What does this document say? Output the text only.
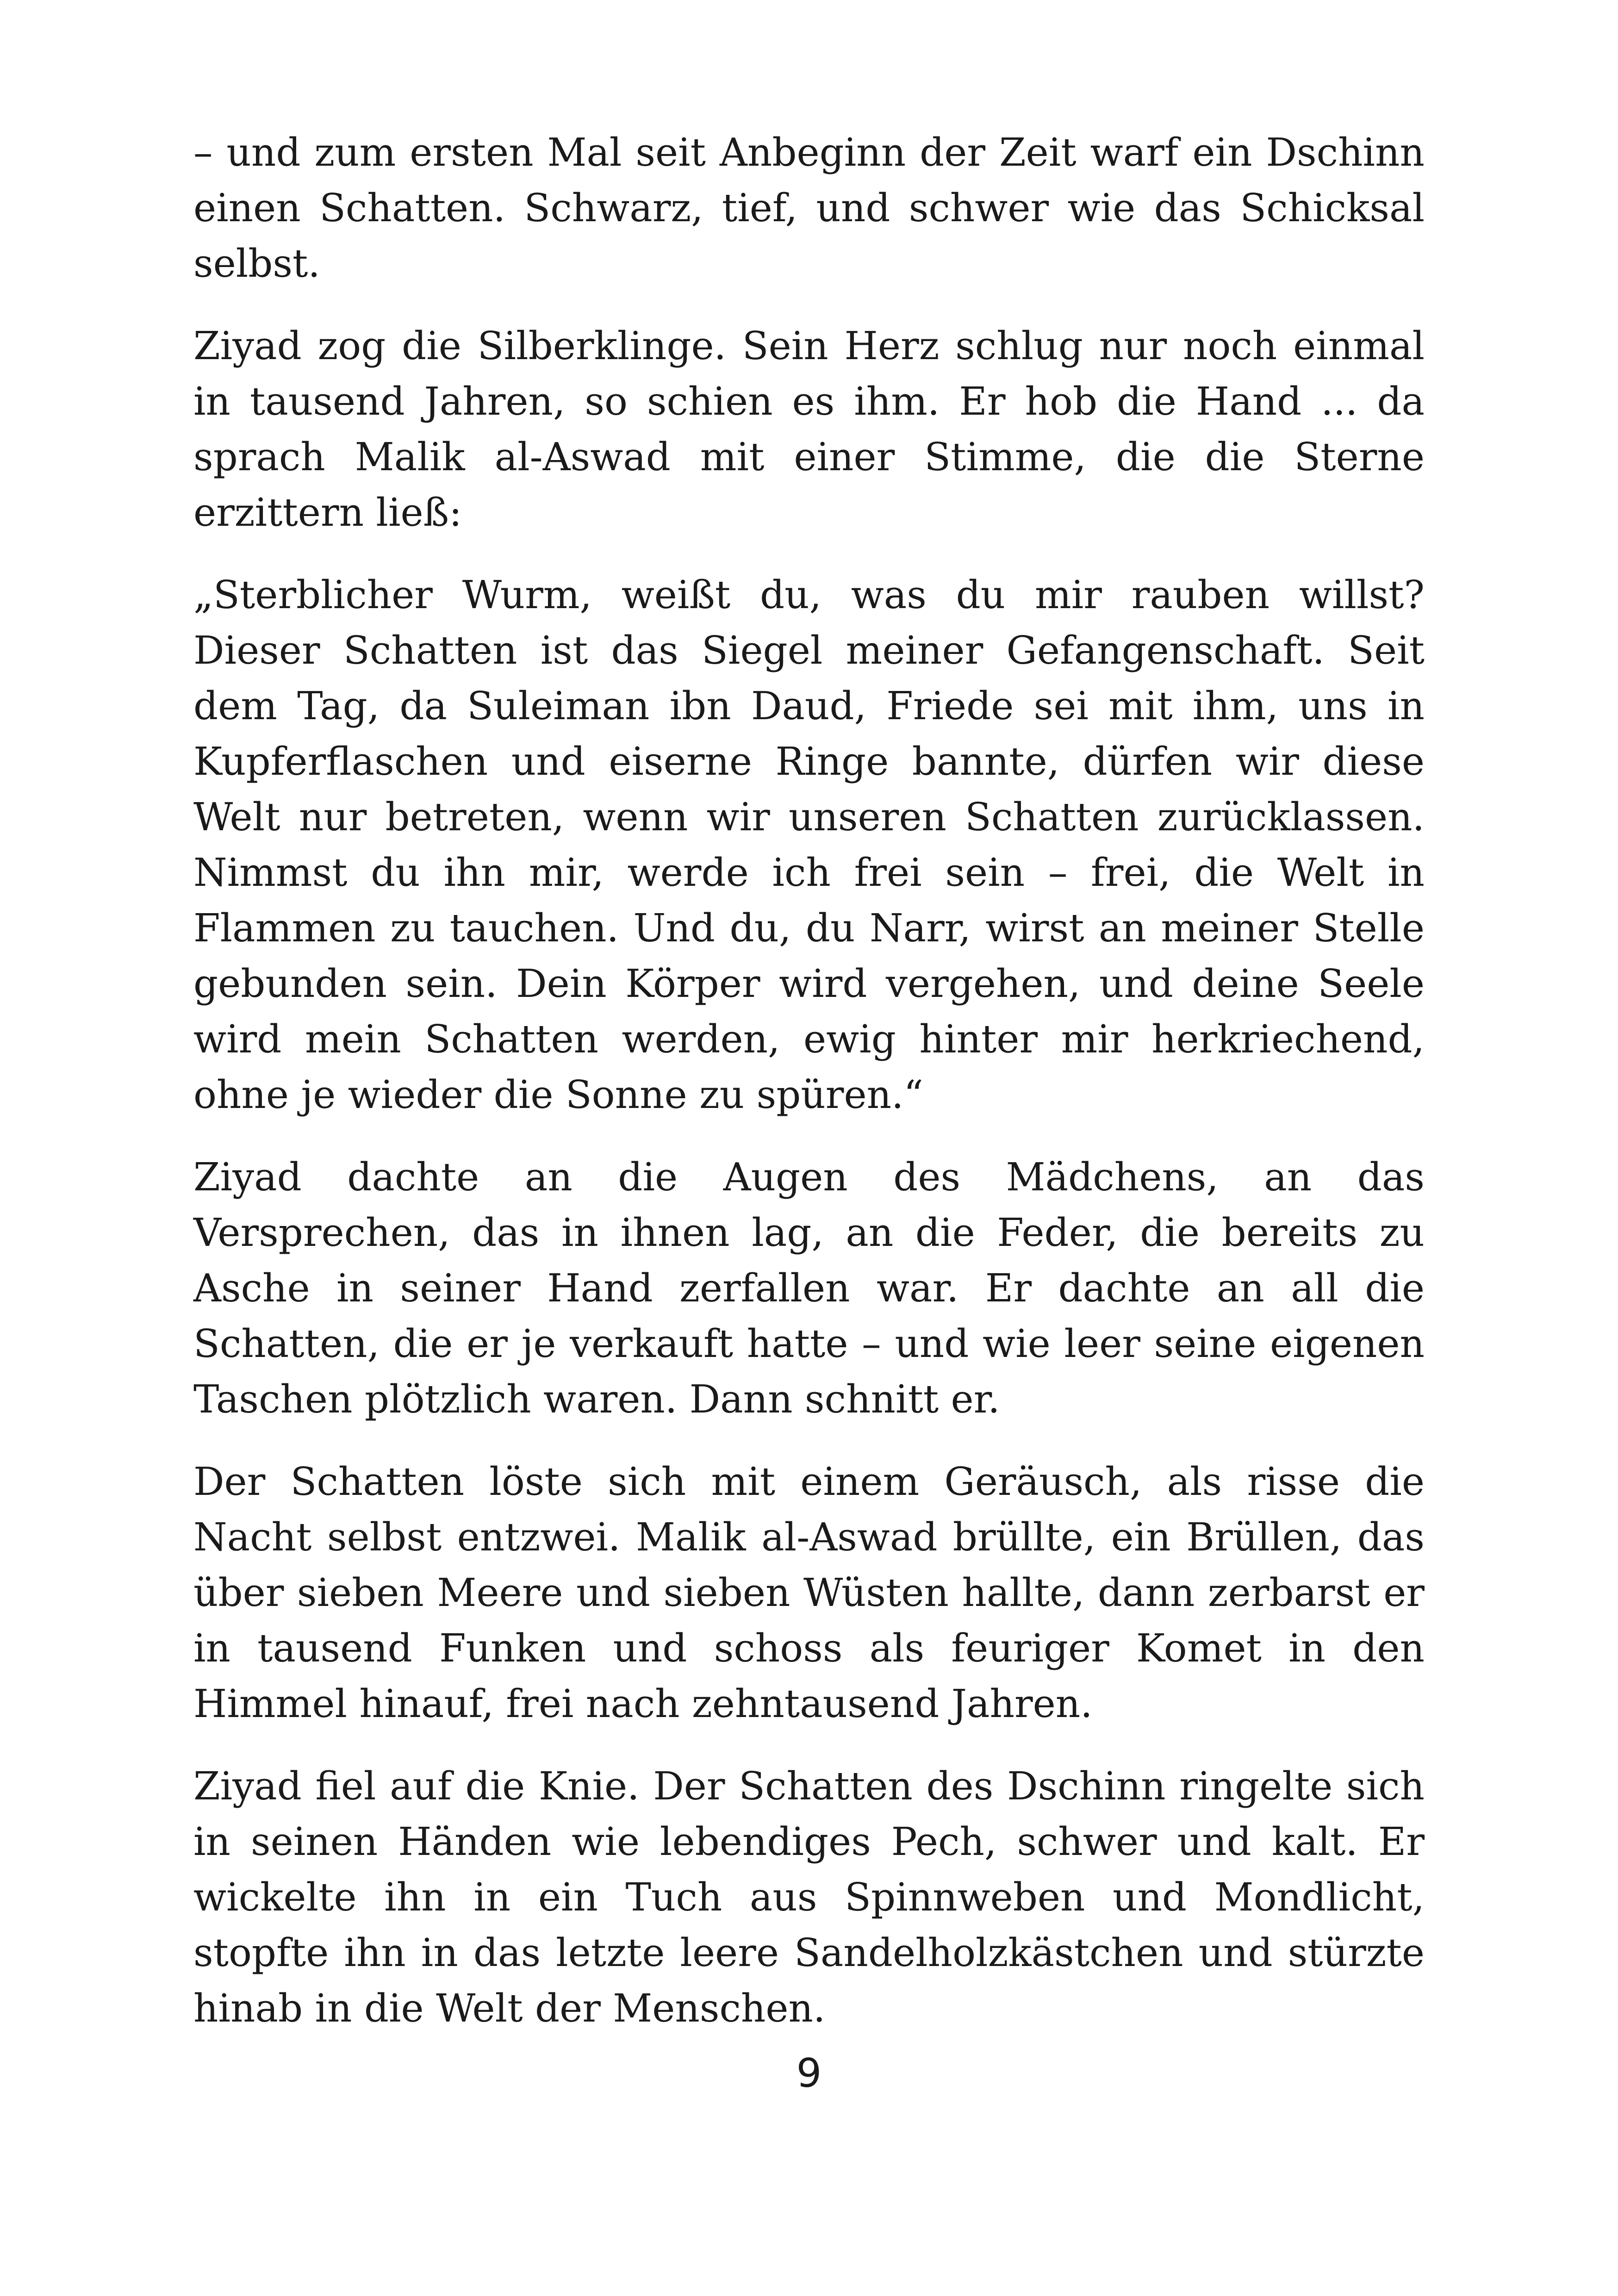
– und zum ersten Mal seit Anbeginn der Zeit warf ein Dschinn einen Schatten. Schwarz, tief, und schwer wie das Schicksal selbst.

Ziyad zog die Silberklinge. Sein Herz schlug nur noch einmal in tausend Jahren, so schien es ihm. Er hob die Hand ... da sprach Malik al-Aswad mit einer Stimme, die die Sterne erzittern ließ:

„Sterblicher Wurm, weißt du, was du mir rauben willst? Dieser Schatten ist das Siegel meiner Gefangenschaft. Seit dem Tag, da Suleiman ibn Daud, Friede sei mit ihm, uns in Kupferflaschen und eiserne Ringe bannte, dürfen wir diese Welt nur betreten, wenn wir unseren Schatten zurücklassen. Nimmst du ihn mir, werde ich frei sein – frei, die Welt in Flammen zu tauchen. Und du, du Narr, wirst an meiner Stelle gebunden sein. Dein Körper wird vergehen, und deine Seele wird mein Schatten werden, ewig hinter mir herkriechend, ohne je wieder die Sonne zu spüren.“

Ziyad dachte an die Augen des Mädchens, an das Versprechen, das in ihnen lag, an die Feder, die bereits zu Asche in seiner Hand zerfallen war. Er dachte an all die Schatten, die er je verkauft hatte – und wie leer seine eigenen Taschen plötzlich waren. Dann schnitt er.

Der Schatten löste sich mit einem Geräusch, als risse die Nacht selbst entzwei. Malik al-Aswad brüllte, ein Brüllen, das über sieben Meere und sieben Wüsten hallte, dann zerbarst er in tausend Funken und schoss als feuriger Komet in den Himmel hinauf, frei nach zehntausend Jahren.

Ziyad fiel auf die Knie. Der Schatten des Dschinn ringelte sich in seinen Händen wie lebendiges Pech, schwer und kalt. Er wickelte ihn in ein Tuch aus Spinnweben und Mondlicht, stopfte ihn in das letzte leere Sandelholzkästchen und stürzte hinab in die Welt der Menschen.

9
